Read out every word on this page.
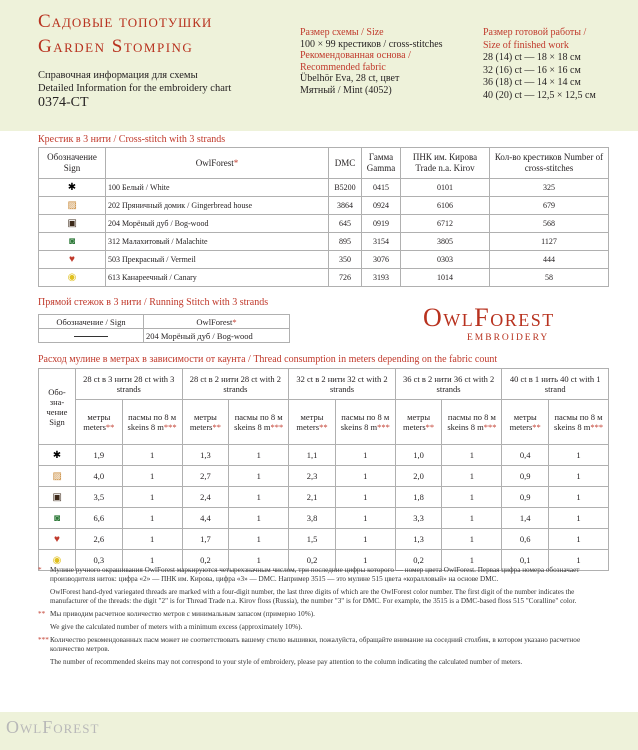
Садовые топотушки
Garden Stomping
Справочная информация для схемы
Detailed Information for the embroidery chart
0374-CT
Размер схемы / Size
100 × 99 крестиков / cross-stitches
Рекомендованная основа /
Recommended fabric
Übelhör Eva, 28 ct, цвет
Мятный / Mint (4052)
Размер готовой работы /
Size of finished work
28 (14) ct — 18 × 18 см
32 (16) ct — 16 × 16 см
36 (18) ct — 14 × 14 см
40 (20) ct — 12,5 × 12,5 см
Крестик в 3 нити / Cross-stitch with 3 strands
Обозначение Sign	OwlForest*	DMC	Гамма Gamma	ПНК им. Кирова Trade n.a. Kirov	Кол-во крестиков Number of cross-stitches
✱	100 Белый / White	B5200	0415	0101	325
▨	202 Пряничный домик / Gingerbread house	3864	0924	6106	679
▣	204 Морёный дуб / Bog-wood	645	0919	6712	568
◙	312 Малахитовый / Malachite	895	3154	3805	1127
♥	503 Прекрасный / Vermeil	350	3076	0303	444
◉	613 Канареечный / Canary	726	3193	1014	58
Прямой стежок в 3 нити / Running Stitch with 3 strands
Обозначение / Sign	OwlForest*
	204 Морёный дуб / Bog-wood
OwlForest
EMBROIDERY
Расход мулине в метрах в зависимости от каунта / Thread consumption in meters depending on the fabric count
Обо-зна-чение Sign	28 ct в 3 нити 28 ct with 3 strands		28 ct в 2 нити 28 ct with 2 strands		32 ct в 2 нити 32 ct with 2 strands		36 ct в 2 нити 36 ct with 2 strands		40 ct в 1 нить 40 ct with 1 strand	
	метры meters**	пасмы по 8 м skeins 8 m***	метры meters**	пасмы по 8 м skeins 8 m***	метры meters**	пасмы по 8 м skeins 8 m***	метры meters**	пасмы по 8 м skeins 8 m***	метры meters**	пасмы по 8 м skeins 8 m***
✱	1,9	1	1,3	1	1,1	1	1,0	1	0,4	1
▨	4,0	1	2,7	1	2,3	1	2,0	1	0,9	1
▣	3,5	1	2,4	1	2,1	1	1,8	1	0,9	1
◙	6,6	1	4,4	1	3,8	1	3,3	1	1,4	1
♥	2,6	1	1,7	1	1,5	1	1,3	1	0,6	1
◉	0,3	1	0,2	1	0,2	1	0,2	1	0,1	1

* Мулине ручного окрашивания OwlForest маркируются четырехзначным числом, три последние цифры которого — номер цвета OwlForest. Первая цифра номера обозначает производителя ниток: цифра «2» — ПНК им. Кирова, цифра «3» — DMC. Например 3515 — это мулине 515 цвета «коралловый» на основе DMC.

OwlForest hand-dyed variegated threads are marked with a four-digit number, the last three digits of which are the OwlForest color number. The first digit of the number indicates the manufacturer of the threads: the digit "2" is for Thread Trade n.a. Kirov floss (Russia), the number "3" is for DMC. For example, the 3515 is a DMC-based floss 515 "Coralline" color.

** Мы приводим расчетное количество метров с минимальным запасом (примерно 10%).

We give the calculated number of meters with a minimum excess (approximately 10%).

*** Количество рекомендованных пасм может не соответствовать вашему стилю вышивки, пожалуйста, обращайте внимание на соседний столбик, в котором указано расчетное количество метров.

The number of recommended skeins may not correspond to your style of embroidery, please pay attention to the column indicating the calculated number of meters.

OwlForest
